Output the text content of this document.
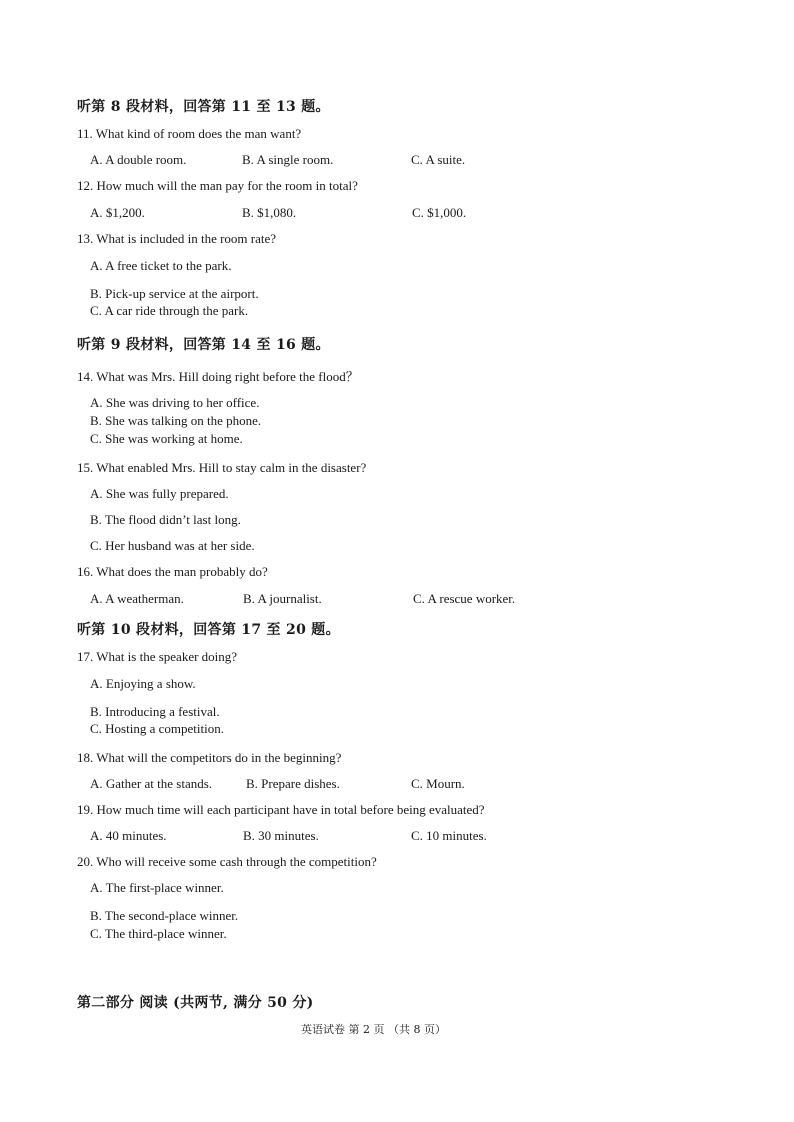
听第 8 段材料，回答第 11 至 13 题。
11. What kind of room does the man want?
A. A double room.	B. A single room.	C. A suite.
12. How much will the man pay for the room in total?
A. $1,200.	B. $1,080.	C. $1,000.
13. What is included in the room rate?
A. A free ticket to the park.
B. Pick-up service at the airport.
C. A car ride through the park.
听第 9 段材料，回答第 14 至 16 题。
14. What was Mrs. Hill doing right before the flood？
A. She was driving to her office.
B. She was talking on the phone.
C. She was working at home.
15. What enabled Mrs. Hill to stay calm in the disaster?
A. She was fully prepared.
B. The flood didn’t last long.
C. Her husband was at her side.
16. What does the man probably do?
A. A weatherman.	B. A journalist.	C. A rescue worker.
听第 10 段材料，回答第 17 至 20 题。
17. What is the speaker doing?
A. Enjoying a show.
B. Introducing a festival.
C. Hosting a competition.
18. What will the competitors do in the beginning?
A. Gather at the stands.	B. Prepare dishes.	C. Mourn.
19. How much time will each participant have in total before being evaluated?
A. 40 minutes.	B. 30 minutes.	C. 10 minutes.
20. Who will receive some cash through the competition?
A. The first-place winner.
B. The second-place winner.
C. The third-place winner.
第二部分 阅读 (共两节, 满分 50 分)
英语试卷 第 2 页 （共 8 页）
